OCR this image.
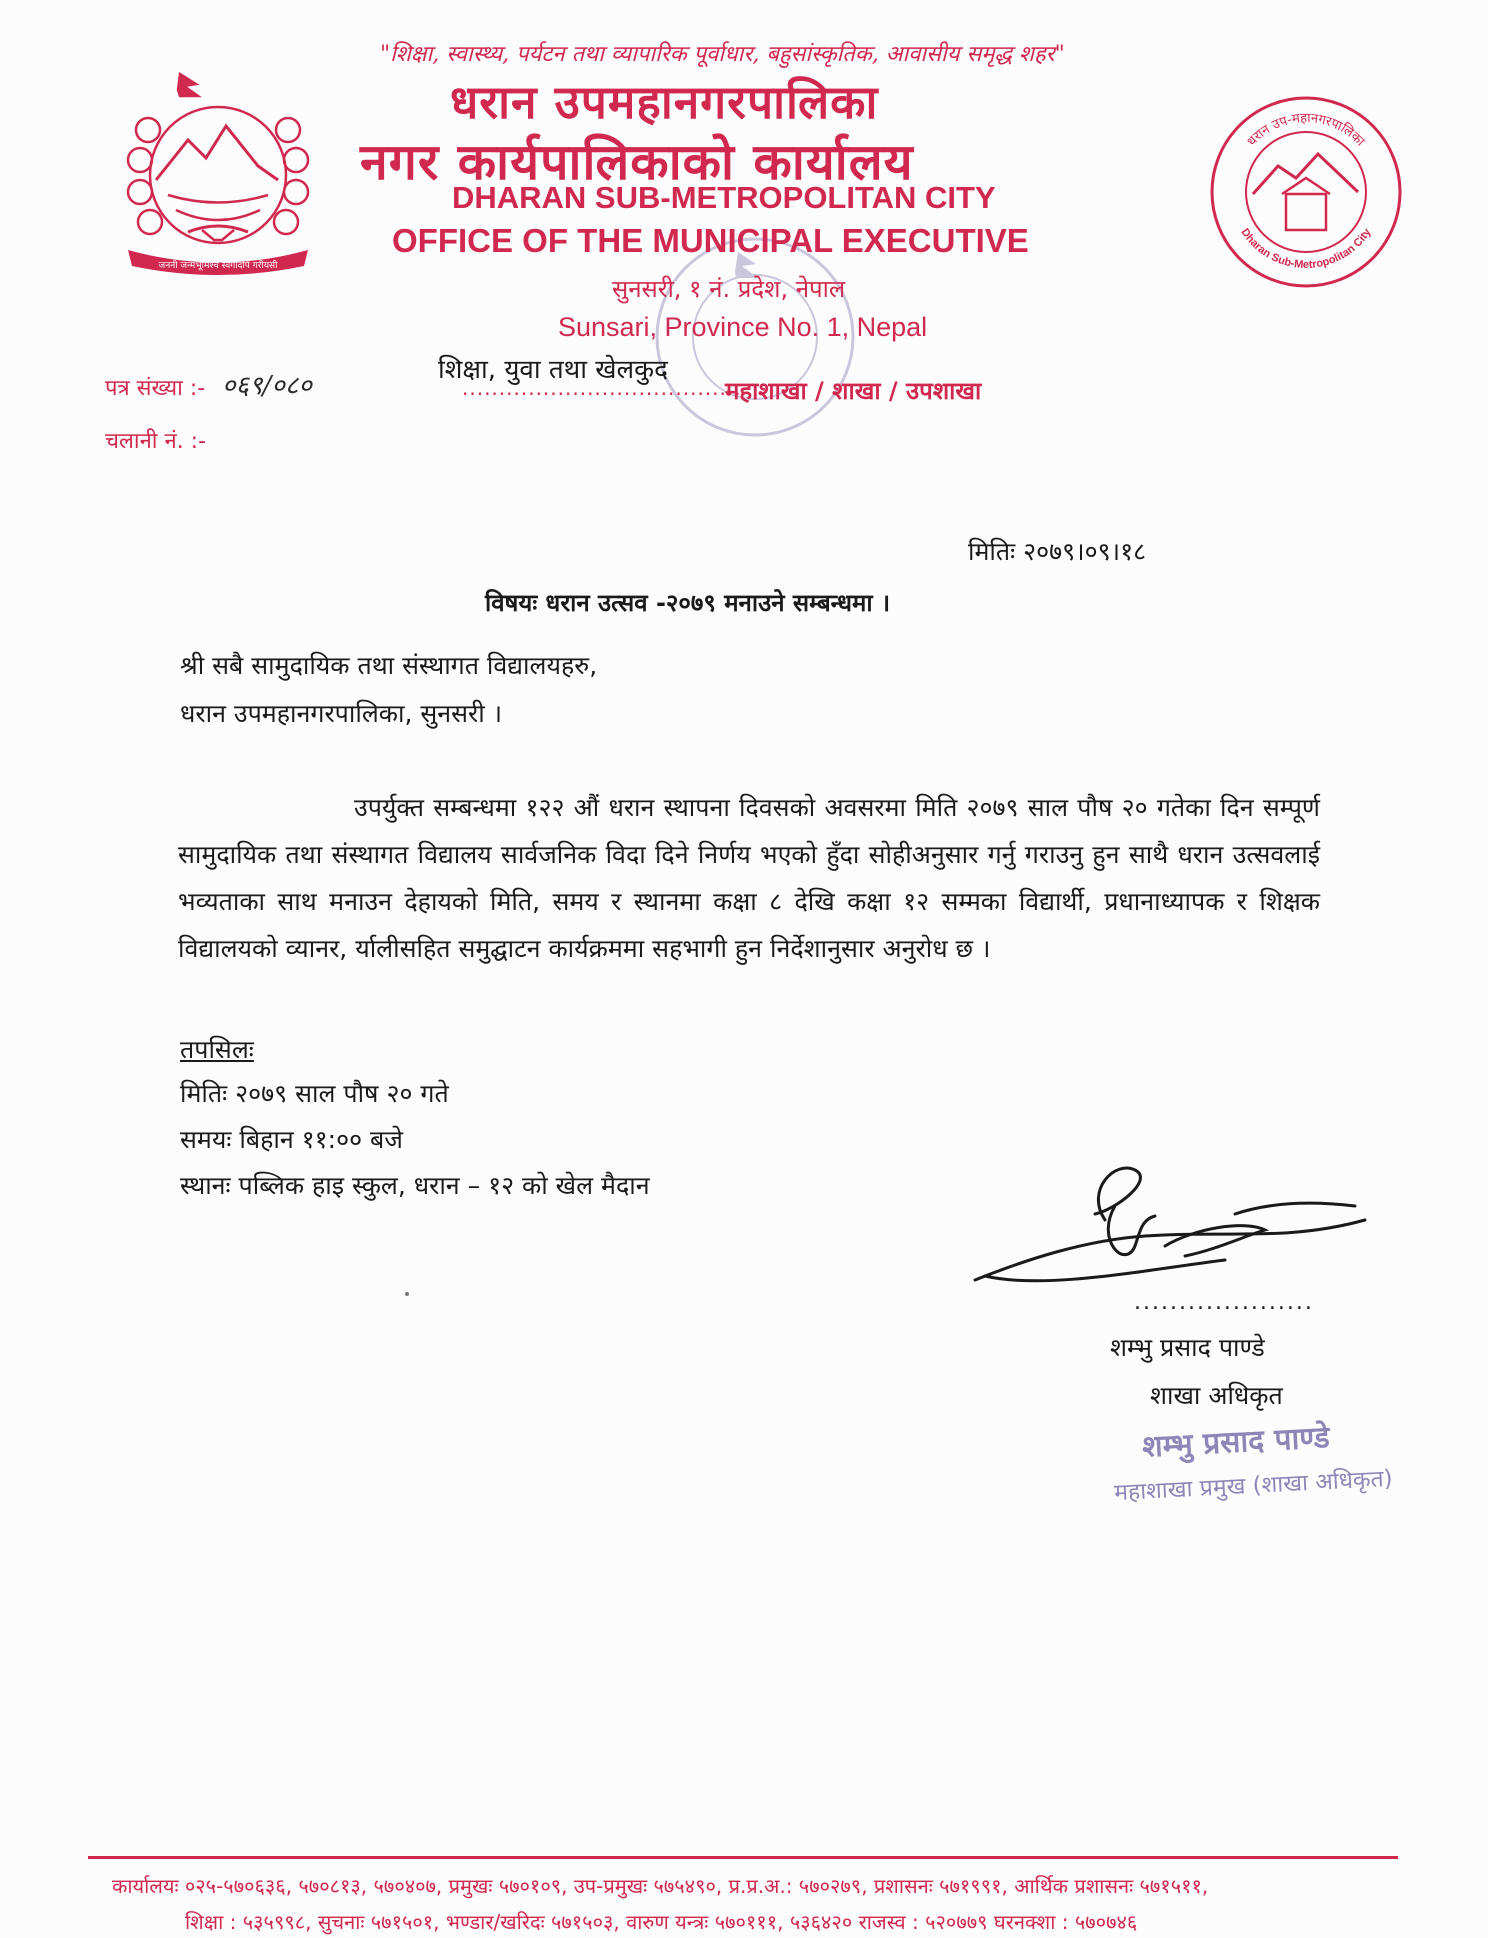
जननी जन्मभूमिश्च स्वर्गादपि गरीयसी
धरान उप-महानगरपालिका
Dharan Sub-Metropolitan City
"शिक्षा, स्वास्थ्य, पर्यटन तथा व्यापारिक पूर्वाधार, बहुसांस्कृतिक, आवासीय समृद्ध शहर"
धरान उपमहानगरपालिका
नगर कार्यपालिकाको कार्यालय
DHARAN SUB-METROPOLITAN CITY
OFFICE OF THE MUNICIPAL EXECUTIVE
सुनसरी, १ नं. प्रदेश, नेपाल
Sunsari, Province No. 1, Nepal
पत्र संख्या :- ०६९/०८०
चलानी नं. :-
शिक्षा, युवा तथा खेलकुद
......................................
महाशाखा / शाखा / उपशाखा
मितिः २०७९।०९।१८
विषयः धरान उत्सव -२०७९ मनाउने सम्बन्धमा ।
श्री सबै सामुदायिक तथा संस्थागत विद्यालयहरु,
धरान उपमहानगरपालिका, सुनसरी ।
उपर्युक्त सम्बन्धमा १२२ औं धरान स्थापना दिवसको अवसरमा मिति २०७९ साल पौष २० गतेका दिन सम्पूर्ण सामुदायिक तथा संस्थागत विद्यालय सार्वजनिक विदा दिने निर्णय भएको हुँदा सोहीअनुसार गर्नु गराउनु हुन साथै धरान उत्सवलाई भव्यताका साथ मनाउन देहायको मिति, समय र स्थानमा कक्षा ८ देखि कक्षा १२ सम्मका विद्यार्थी, प्रधानाध्यापक र शिक्षक विद्यालयको व्यानर, र्यालीसहित समुद्घाटन कार्यक्रममा सहभागी हुन निर्देशानुसार अनुरोध छ ।
तपसिलः
मितिः २०७९ साल पौष २० गते
समयः बिहान ११:०० बजे
स्थानः पब्लिक हाइ स्कुल, धरान – १२ को खेल मैदान
....................
शम्भु प्रसाद पाण्डे
शाखा अधिकृत
शम्भु प्रसाद पाण्डे
महाशाखा प्रमुख (शाखा अधिकृत)
कार्यालयः ०२५-५७०६३६, ५७०८१३, ५७०४०७, प्रमुखः ५७०१०९, उप-प्रमुखः ५७५४९०, प्र.प्र.अ.: ५७०२७९, प्रशासनः ५७१९९१, आर्थिक प्रशासनः ५७१५११,
शिक्षा : ५३५९९८, सुचनाः ५७१५०१, भण्डार/खरिदः ५७१५०३, वारुण यन्त्रः ५७०१११, ५३६४२० राजस्व : ५२०७७९ घरनक्शा : ५७०७४६
